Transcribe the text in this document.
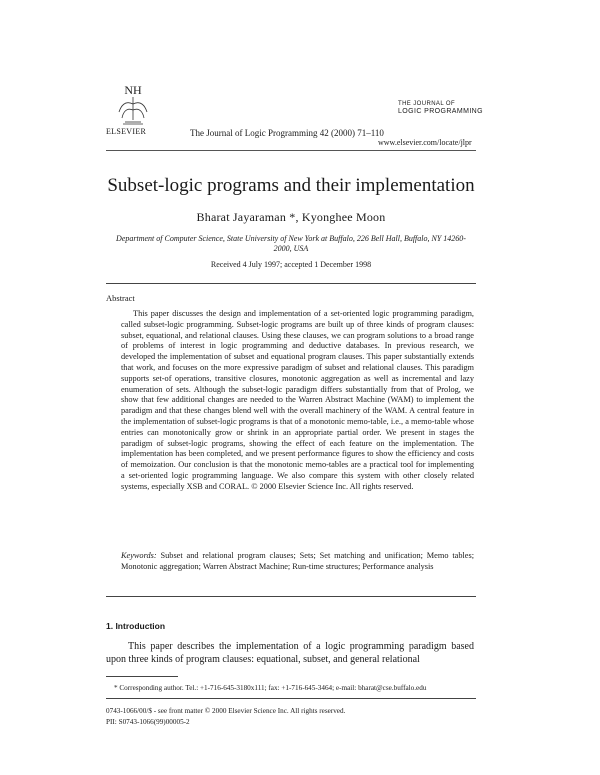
NH
ELSEVIER	The Journal of Logic Programming 42 (2000) 71–110
THE JOURNAL OF
LOGIC PROGRAMMING
www.elsevier.com/locate/jlpr
Subset-logic programs and their implementation
Bharat Jayaraman *, Kyonghee Moon
Department of Computer Science, State University of New York at Buffalo, 226 Bell Hall, Buffalo, NY 14260-2000, USA
Received 4 July 1997; accepted 1 December 1998
Abstract
This paper discusses the design and implementation of a set-oriented logic programming paradigm, called subset-logic programming. Subset-logic programs are built up of three kinds of program clauses: subset, equational, and relational clauses. Using these clauses, we can program solutions to a broad range of problems of interest in logic programming and deductive databases. In previous research, we developed the implementation of subset and equational program clauses. This paper substantially extends that work, and focuses on the more expressive paradigm of subset and relational clauses. This paradigm supports set-of operations, transitive closures, monotonic aggregation as well as incremental and lazy enumeration of sets. Although the subset-logic paradigm differs substantially from that of Prolog, we show that few additional changes are needed to the Warren Abstract Machine (WAM) to implement the paradigm and that these changes blend well with the overall machinery of the WAM. A central feature in the implementation of subset-logic programs is that of a monotonic memo-table, i.e., a memo-table whose entries can monotonically grow or shrink in an appropriate partial order. We present in stages the paradigm of subset-logic programs, showing the effect of each feature on the implementation. The implementation has been completed, and we present performance figures to show the efficiency and costs of memoization. Our conclusion is that the monotonic memo-tables are a practical tool for implementing a set-oriented logic programming language. We also compare this system with other closely related systems, especially XSB and CORAL. © 2000 Elsevier Science Inc. All rights reserved.
Keywords: Subset and relational program clauses; Sets; Set matching and unification; Memo tables; Monotonic aggregation; Warren Abstract Machine; Run-time structures; Performance analysis
1. Introduction
This paper describes the implementation of a logic programming paradigm based upon three kinds of program clauses: equational, subset, and general relational
* Corresponding author. Tel.: +1-716-645-3180x111; fax: +1-716-645-3464; e-mail: bharat@cse.buffalo.edu
0743-1066/00/$ - see front matter © 2000 Elsevier Science Inc. All rights reserved.
PII: S0743-1066(99)00005-2
